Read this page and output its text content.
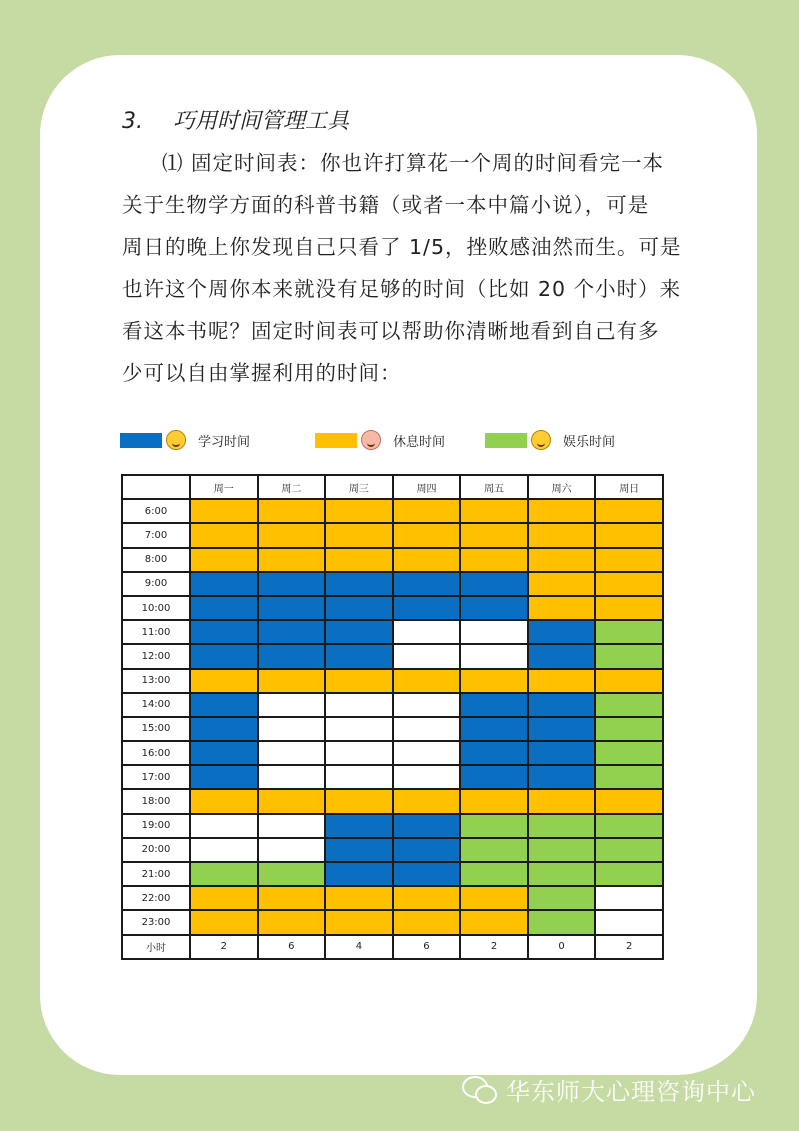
3. 巧用时间管理工具
⑴ 固定时间表：你也许打算花一个周的时间看完一本
关于生物学方面的科普书籍（或者一本中篇小说），可是
周日的晚上你发现自己只看了 1/5，挫败感油然而生。可是
也许这个周你本来就没有足够的时间（比如 20 个小时）来
看这本书呢？固定时间表可以帮助你清晰地看到自己有多
少可以自由掌握利用的时间：
学习时间	休息时间	娱乐时间
	周一	周二	周三	周四	周五	周六	周日
6:00							
7:00							
8:00							
9:00							
10:00							
11:00							
12:00							
13:00							
14:00							
15:00							
16:00							
17:00							
18:00							
19:00							
20:00							
21:00							
22:00							
23:00							
小时	2	6	4	6	2	0	2
华东师大心理咨询中心
